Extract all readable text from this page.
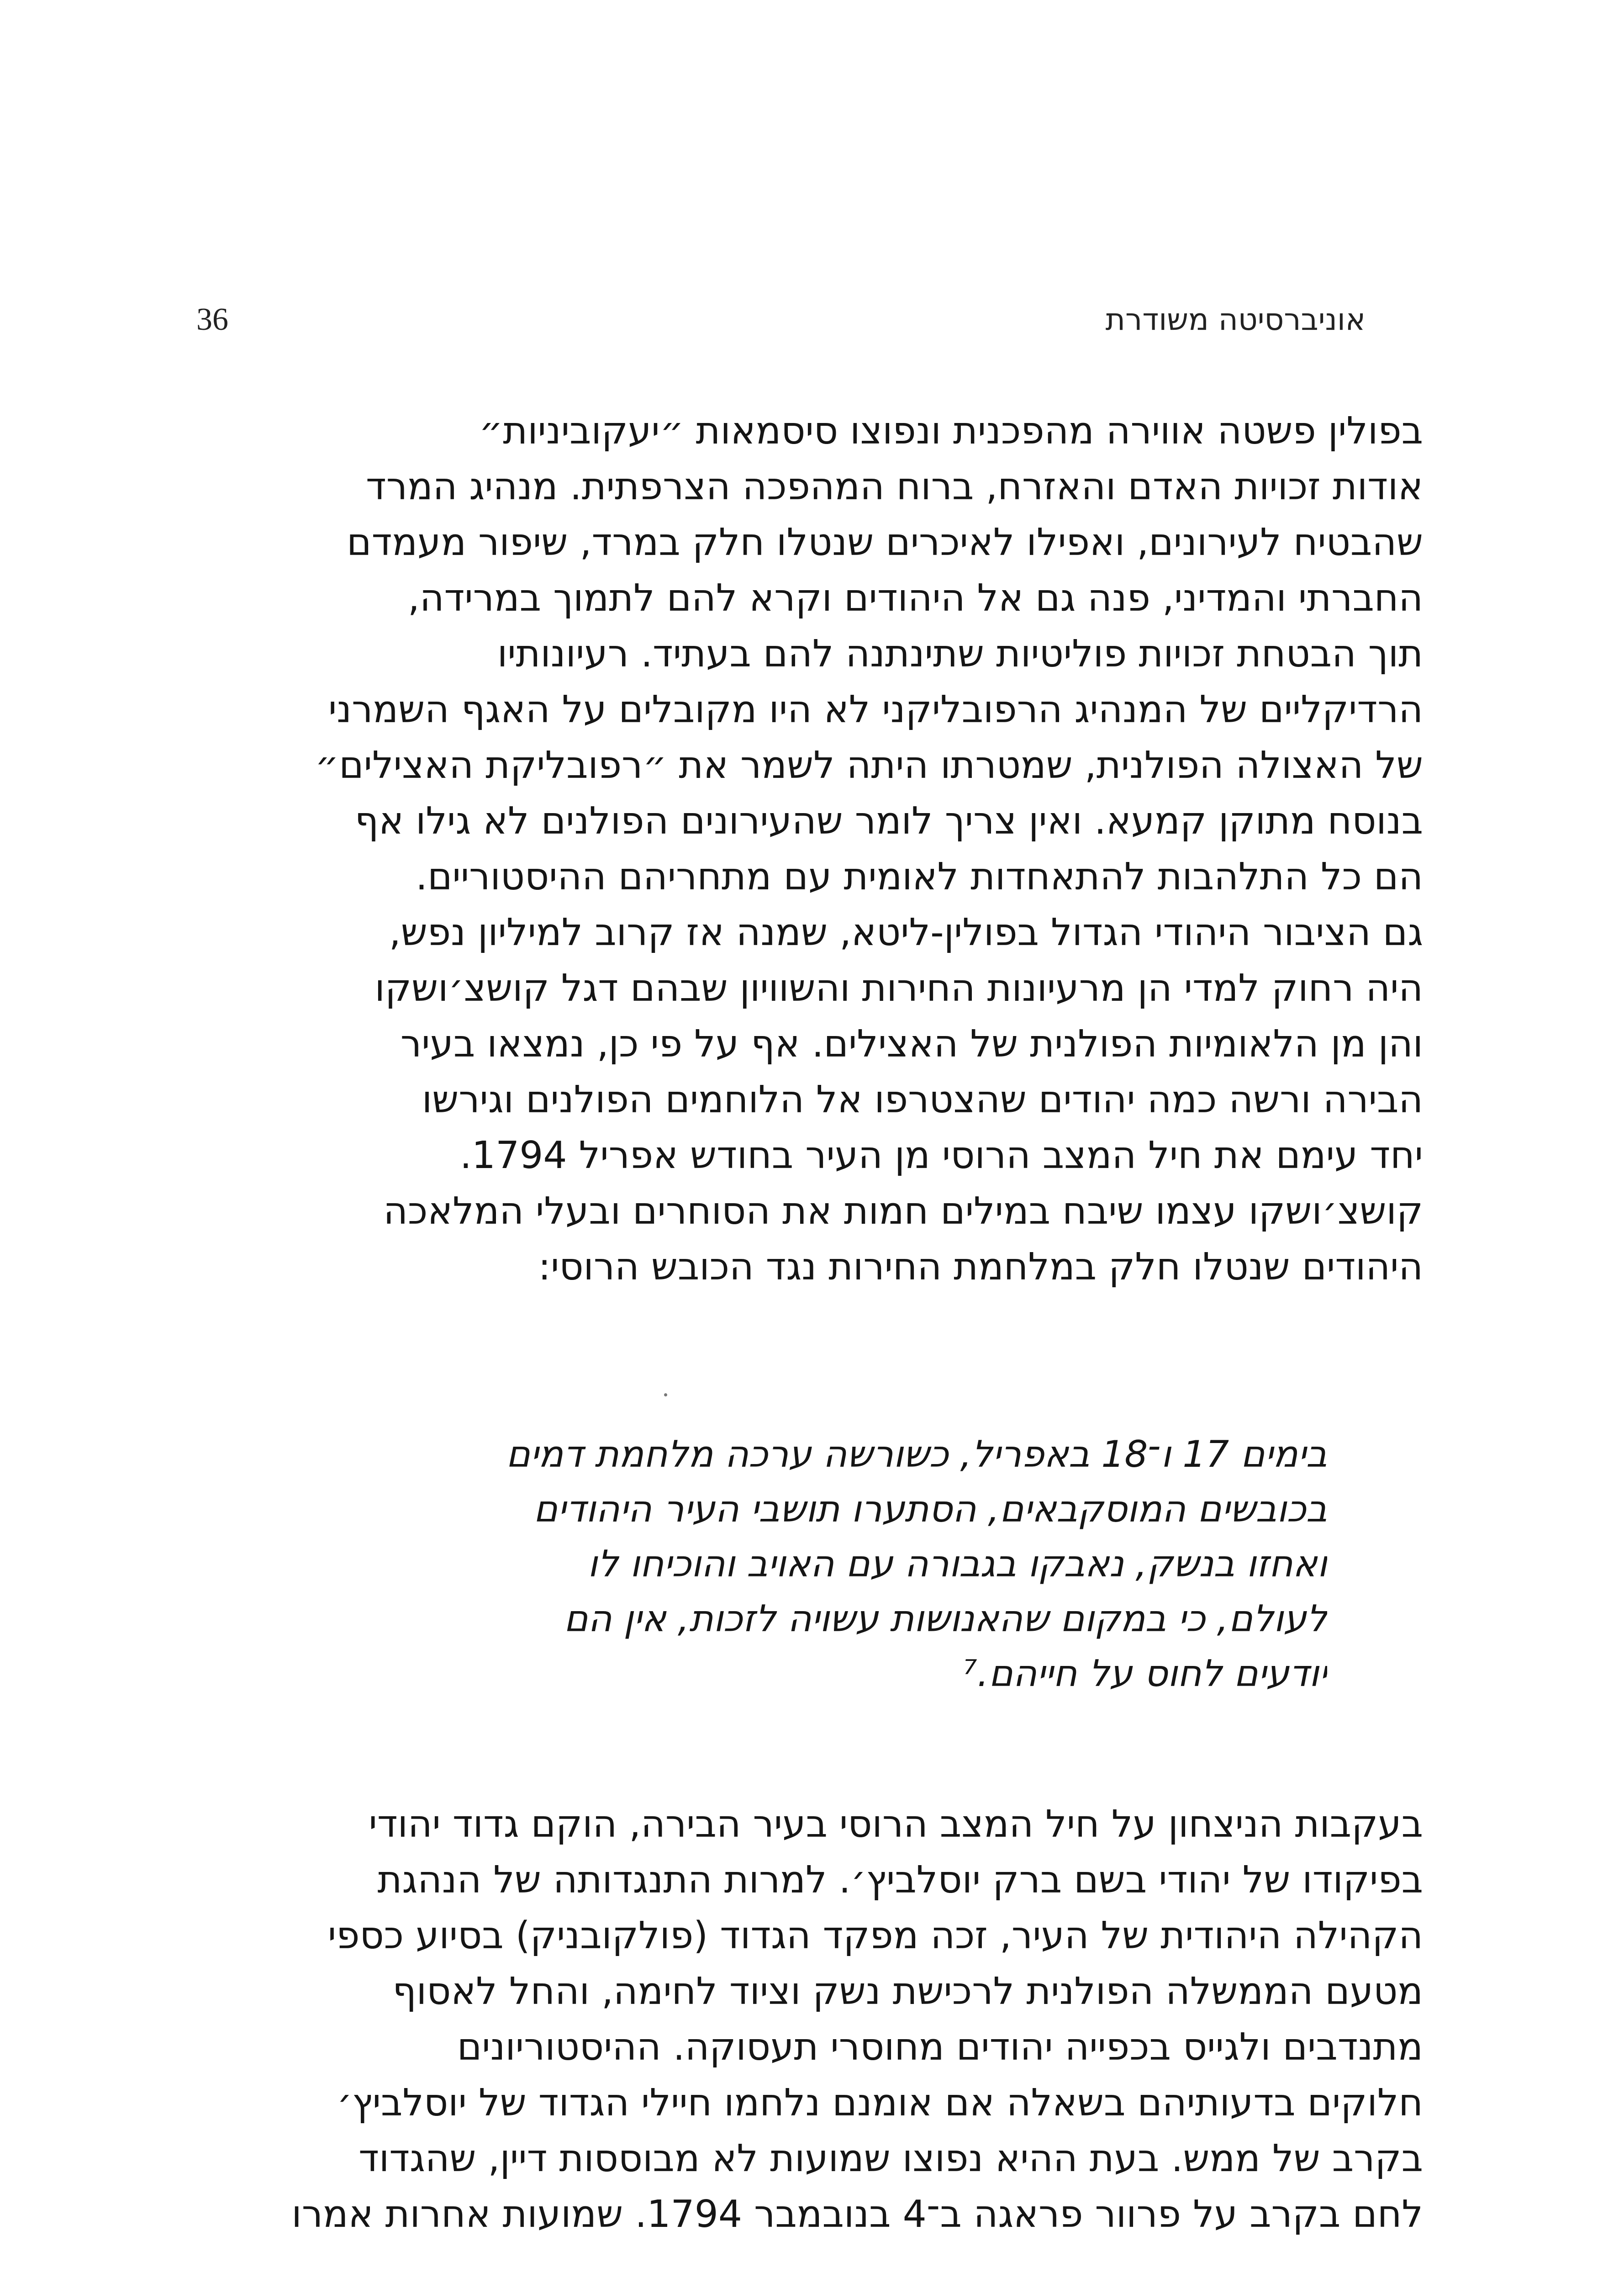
36	אוניברסיטה משודרת
בפולין פשטה אווירה מהפכנית ונפוצו סיסמאות ״יעקוביניות״
אודות זכויות האדם והאזרח, ברוח המהפכה הצרפתית. מנהיג המרד
שהבטיח לעירונים, ואפילו לאיכרים שנטלו חלק במרד, שיפור מעמדם
החברתי והמדיני, פנה גם אל היהודים וקרא להם לתמוך במרידה,
תוך הבטחת זכויות פוליטיות שתינתנה להם בעתיד. רעיונותיו
הרדיקליים של המנהיג הרפובליקני לא היו מקובלים על האגף השמרני
של האצולה הפולנית, שמטרתו היתה לשמר את ״רפובליקת האצילים״
בנוסח מתוקן קמעא. ואין צריך לומר שהעירונים הפולנים לא גילו אף
הם כל התלהבות להתאחדות לאומית עם מתחריהם ההיסטוריים.
גם הציבור היהודי הגדול בפולין-ליטא, שמנה אז קרוב למיליון נפש,
היה רחוק למדי הן מרעיונות החירות והשוויון שבהם דגל קושצ׳ושקו
והן מן הלאומיות הפולנית של האצילים. אף על פי כן, נמצאו בעיר
הבירה ורשה כמה יהודים שהצטרפו אל הלוחמים הפולנים וגירשו
יחד עימם את חיל המצב הרוסי מן העיר בחודש אפריל 1794.
קושצ׳ושקו עצמו שיבח במילים חמות את הסוחרים ובעלי המלאכה
היהודים שנטלו חלק במלחמת החירות נגד הכובש הרוסי:
בימים 17 ו־18 באפריל, כשורשה ערכה מלחמת דמים
בכובשים המוסקבאים, הסתערו תושבי העיר היהודים
ואחזו בנשק, נאבקו בגבורה עם האויב והוכיחו לו
לעולם, כי במקום שהאנושות עשויה לזכות, אין הם
יודעים לחוס על חייהם.⁷
בעקבות הניצחון על חיל המצב הרוסי בעיר הבירה, הוקם גדוד יהודי
בפיקודו של יהודי בשם ברק יוסלביץ׳. למרות התנגדותה של הנהגת
הקהילה היהודית של העיר, זכה מפקד הגדוד (פולקובניק) בסיוע כספי
מטעם הממשלה הפולנית לרכישת נשק וציוד לחימה, והחל לאסוף
מתנדבים ולגייס בכפייה יהודים מחוסרי תעסוקה. ההיסטוריונים
חלוקים בדעותיהם בשאלה אם אומנם נלחמו חיילי הגדוד של יוסלביץ׳
בקרב של ממש. בעת ההיא נפוצו שמועות לא מבוססות דיין, שהגדוד
לחם בקרב על פרוור פראגה ב־4 בנובמבר 1794. שמועות אחרות אמרו
